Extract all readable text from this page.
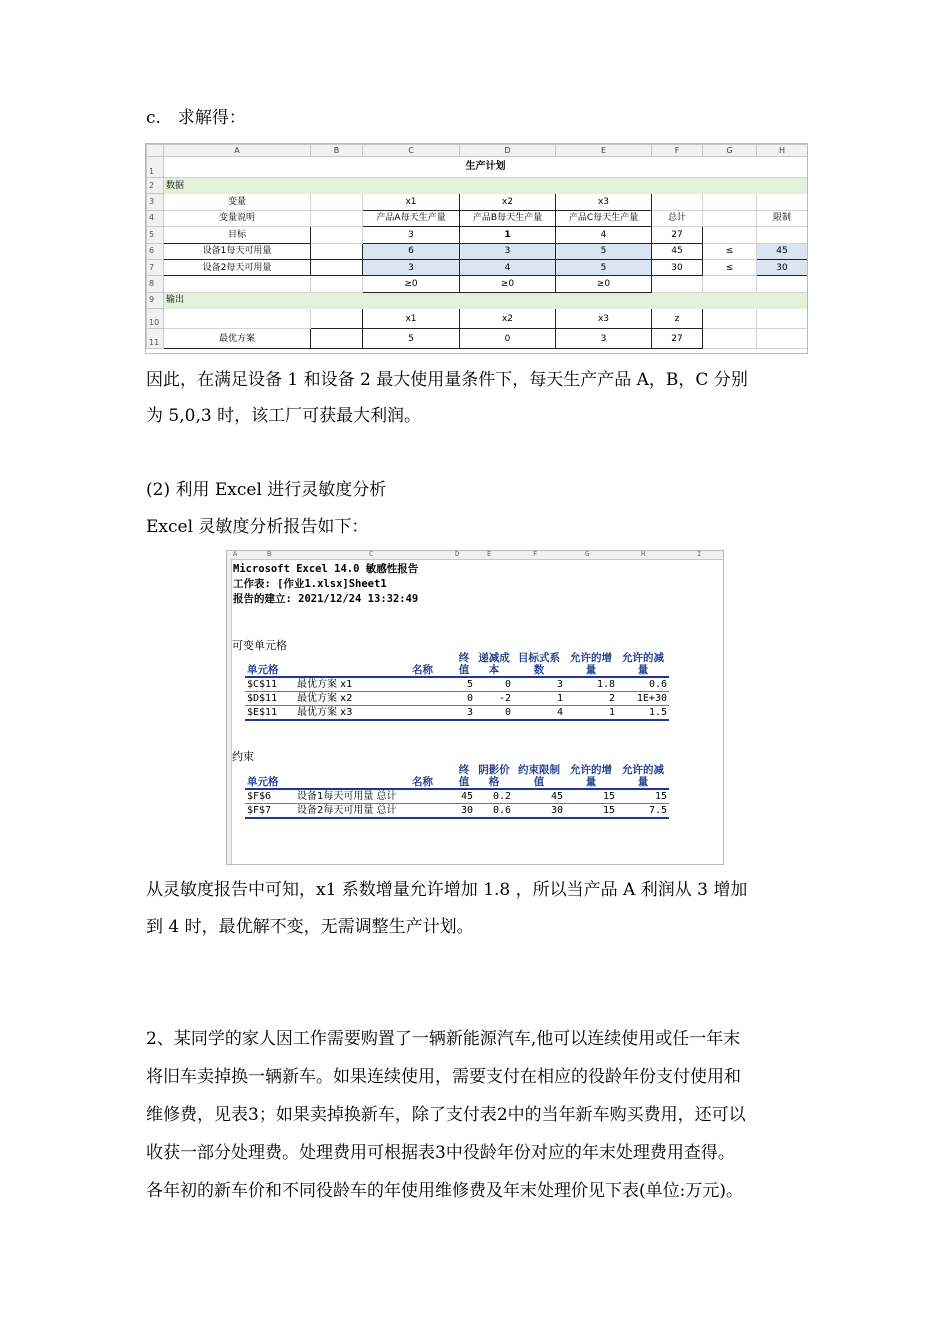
c.　求解得：
	A	B	C	D	E	F	G	H
1	生产计划							
2	数据							
3	变量		x1	x2	x3			
4	变量说明		产品A每天生产量	产品B每天生产量	产品C每天生产量	总计		限制
5	目标		3	1	4	27		
6	设备1每天可用量		6	3	5	45	≤	45
7	设备2每天可用量		3	4	5	30	≤	30
8			≥0	≥0	≥0			
9	输出							
10			x1	x2	x3	z		
11	最优方案		5	0	3	27		
因此，在满足设备 1 和设备 2 最大使用量条件下，每天生产产品 A，B，C 分别
为 5,0,3 时，该工厂可获最大利润。
(2) 利用 Excel 进行灵敏度分析
Excel 灵敏度分析报告如下：
A	B	C	D	E	F	G	H	I
Microsoft Excel 14.0 敏感性报告
工作表: [作业1.xlsx]Sheet1
报告的建立: 2021/12/24 13:32:49
可变单元格
单元格	名称	终值	递减成本	目标式系数	允许的增量	允许的减量
$C$11	最优方案 x1	5	0	3	1.8	0.6
$D$11	最优方案 x2	0	-2	1	2	1E+30
$E$11	最优方案 x3	3	0	4	1	1.5
约束
单元格	名称	终值	阴影价格	约束限制值	允许的增量	允许的减量
$F$6	设备1每天可用量 总计	45	0.2	45	15	15
$F$7	设备2每天可用量 总计	30	0.6	30	15	7.5
从灵敏度报告中可知，x1 系数增量允许增加 1.8 ，所以当产品 A 利润从 3 增加
到 4 时，最优解不变，无需调整生产计划。
2、某同学的家人因工作需要购置了一辆新能源汽车,他可以连续使用或任一年末
将旧车卖掉换一辆新车。如果连续使用，需要支付在相应的役龄年份支付使用和
维修费，见表3；如果卖掉换新车，除了支付表2中的当年新车购买费用，还可以
收获一部分处理费。处理费用可根据表3中役龄年份对应的年末处理费用查得。
各年初的新车价和不同役龄车的年使用维修费及年末处理价见下表(单位:万元)。
